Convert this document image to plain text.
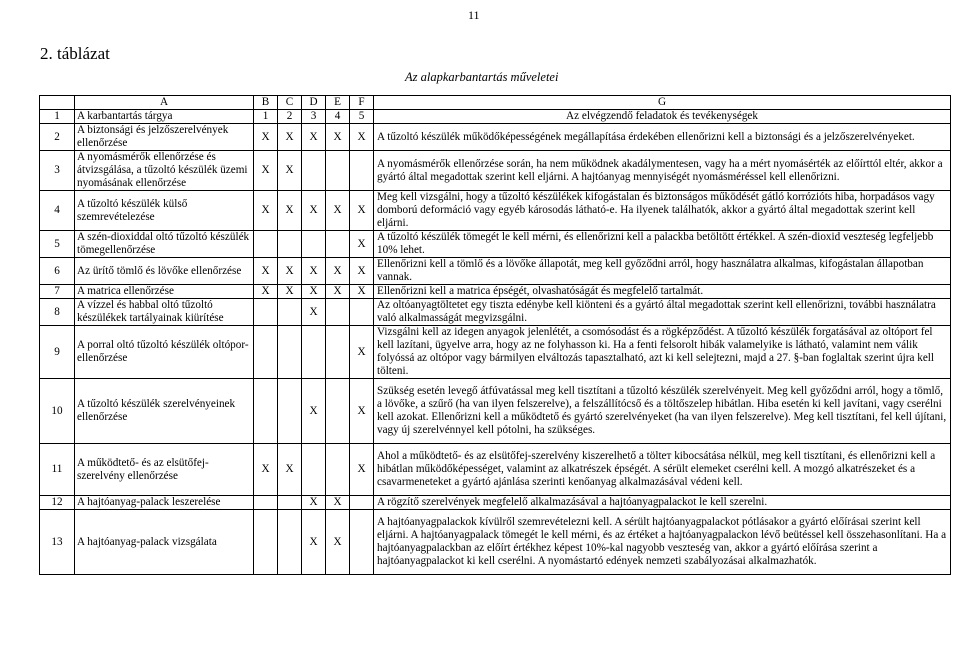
11
2. táblázat
Az alapkarbantartás műveletei
	A	B	C	D	E	F	G
1	A karbantartás tárgya	1	2	3	4	5	Az elvégzendő feladatok és tevékenységek
2	A biztonsági és jelzőszerelvények ellenőrzése	X	X	X	X	X	A tűzoltó készülék működőképességének megállapítása érdekében ellenőrizni kell a biztonsági és a jelzőszerelvényeket.
3	A nyomásmérők ellenőrzése és átvizsgálása, a tűzoltó készülék üzemi nyomásának ellenőrzése	X	X				A nyomásmérők ellenőrzése során, ha nem működnek akadálymentesen, vagy ha a mért nyomásérték az előírttól eltér, akkor a gyártó által megadottak szerint kell eljárni. A hajtóanyag mennyiségét nyomásméréssel kell ellenőrizni.
4	A tűzoltó készülék külső szemrevételezése	X	X	X	X	X	Meg kell vizsgálni, hogy a tűzoltó készülékek kifogástalan és biztonságos működését gátló korrózióts hiba, horpadásos vagy domború deformáció vagy egyéb károsodás látható-e. Ha ilyenek találhatók, akkor a gyártó által megadottak szerint kell eljárni.
5	A szén-dioxiddal oltó tűzoltó készülék tömegellenőrzése					X	A tűzoltó készülék tömegét le kell mérni, és ellenőrizni kell a palackba betöltött értékkel. A szén-dioxid veszteség legfeljebb 10% lehet.
6	Az ürítő tömlő és lövőke ellenőrzése	X	X	X	X	X	Ellenőrizni kell a tömlő és a lövőke állapotát, meg kell győződni arról, hogy használatra alkalmas, kifogástalan állapotban vannak.
7	A matrica ellenőrzése	X	X	X	X	X	Ellenőrizni kell a matrica épségét, olvashatóságát és megfelelő tartalmát.
8	A vízzel és habbal oltó tűzoltó készülékek tartályainak kiürítése			X			Az oltóanyagtöltetet egy tiszta edénybe kell kiönteni és a gyártó által megadottak szerint kell ellenőrizni, további használatra való alkalmasságát megvizsgálni.
9	A porral oltó tűzoltó készülék oltópor-ellenőrzése					X	Vizsgálni kell az idegen anyagok jelenlétét, a csomósodást és a rögképződést. A tűzoltó készülék forgatásával az oltóport fel kell lazítani, ügyelve arra, hogy az ne folyhasson ki. Ha a fenti felsorolt hibák valamelyike is látható, valamint nem válik folyóssá az oltópor vagy bármilyen elváltozás tapasztalható, azt ki kell selejtezni, majd a 27. §-ban foglaltak szerint újra kell tölteni.
10	A tűzoltó készülék szerelvényeinek ellenőrzése			X		X	Szükség esetén levegő átfúvatással meg kell tisztítani a tűzoltó készülék szerelvényeit. Meg kell győződni arról, hogy a tömlő, a lövőke, a szűrő (ha van ilyen felszerelve), a felszállítócső és a töltőszelep hibátlan. Hiba esetén ki kell javítani, vagy cserélni kell azokat. Ellenőrizni kell a működtető és gyártó szerelvényeket (ha van ilyen felszerelve). Meg kell tisztítani, fel kell újítani, vagy új szerelvénnyel kell pótolni, ha szükséges.
11	A működtető- és az elsütőfej-szerelvény ellenőrzése	X	X			X	Ahol a működtető- és az elsütőfej-szerelvény kiszerelhető a tölteт kibocsátása nélkül, meg kell tisztítani, és ellenőrizni kell a hibátlan működőképességet, valamint az alkatrészek épségét. A sérült elemeket cserélni kell. A mozgó alkatrészeket és a csavarmeneteket a gyártó ajánlása szerinti kenőanyag alkalmazásával védeni kell.
12	A hajtóanyag-palack leszerelése			X	X		A rögzítő szerelvények megfelelő alkalmazásával a hajtóanyagpalackot le kell szerelni.
13	A hajtóanyag-palack vizsgálata			X	X		A hajtóanyagpalackok kívülről szemrevételezni kell. A sérült hajtóanyagpalackot pótlásakor a gyártó előírásai szerint kell eljárni. A hajtóanyagpalack tömegét le kell mérni, és az értéket a hajtóanyagpalackon lévő beütéssel kell összehasonlítani. Ha a hajtóanyagpalackban az előírt értékhez képest 10%-kal nagyobb veszteség van, akkor a gyártó előírása szerint a hajtóanyagpalackot ki kell cserélni. A nyomástartó edények nemzeti szabályozásai alkalmazhatók.
